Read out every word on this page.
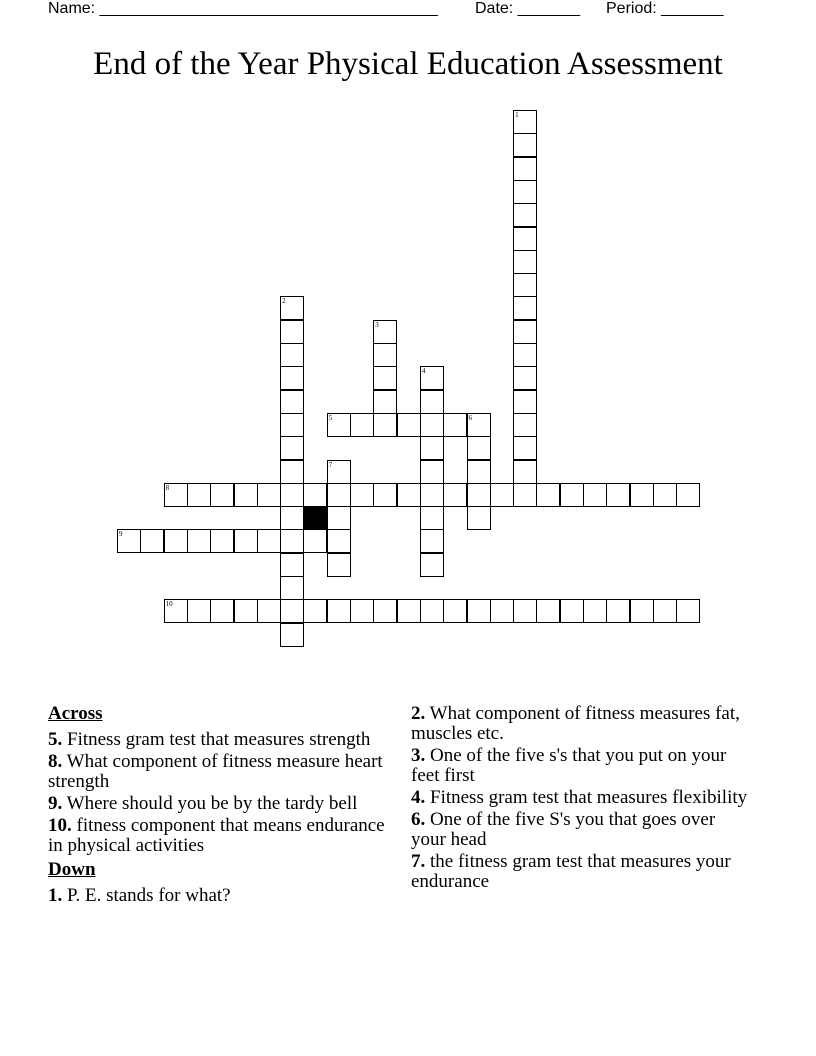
Name: ______________________________________ Date: _______ Period: _______
End of the Year Physical Education Assessment
1
2
3
4
5	6
7
8
9
10
Across
5. Fitness gram test that measures strength
8. What component of fitness measure heart strength
9. Where should you be by the tardy bell
10. fitness component that means endurance in physical activities
Down
1. P. E. stands for what?
2. What component of fitness measures fat, muscles etc.
3. One of the five s's that you put on your feet first
4. Fitness gram test that measures flexibility
6. One of the five S's you that goes over your head
7. the fitness gram test that measures your endurance
